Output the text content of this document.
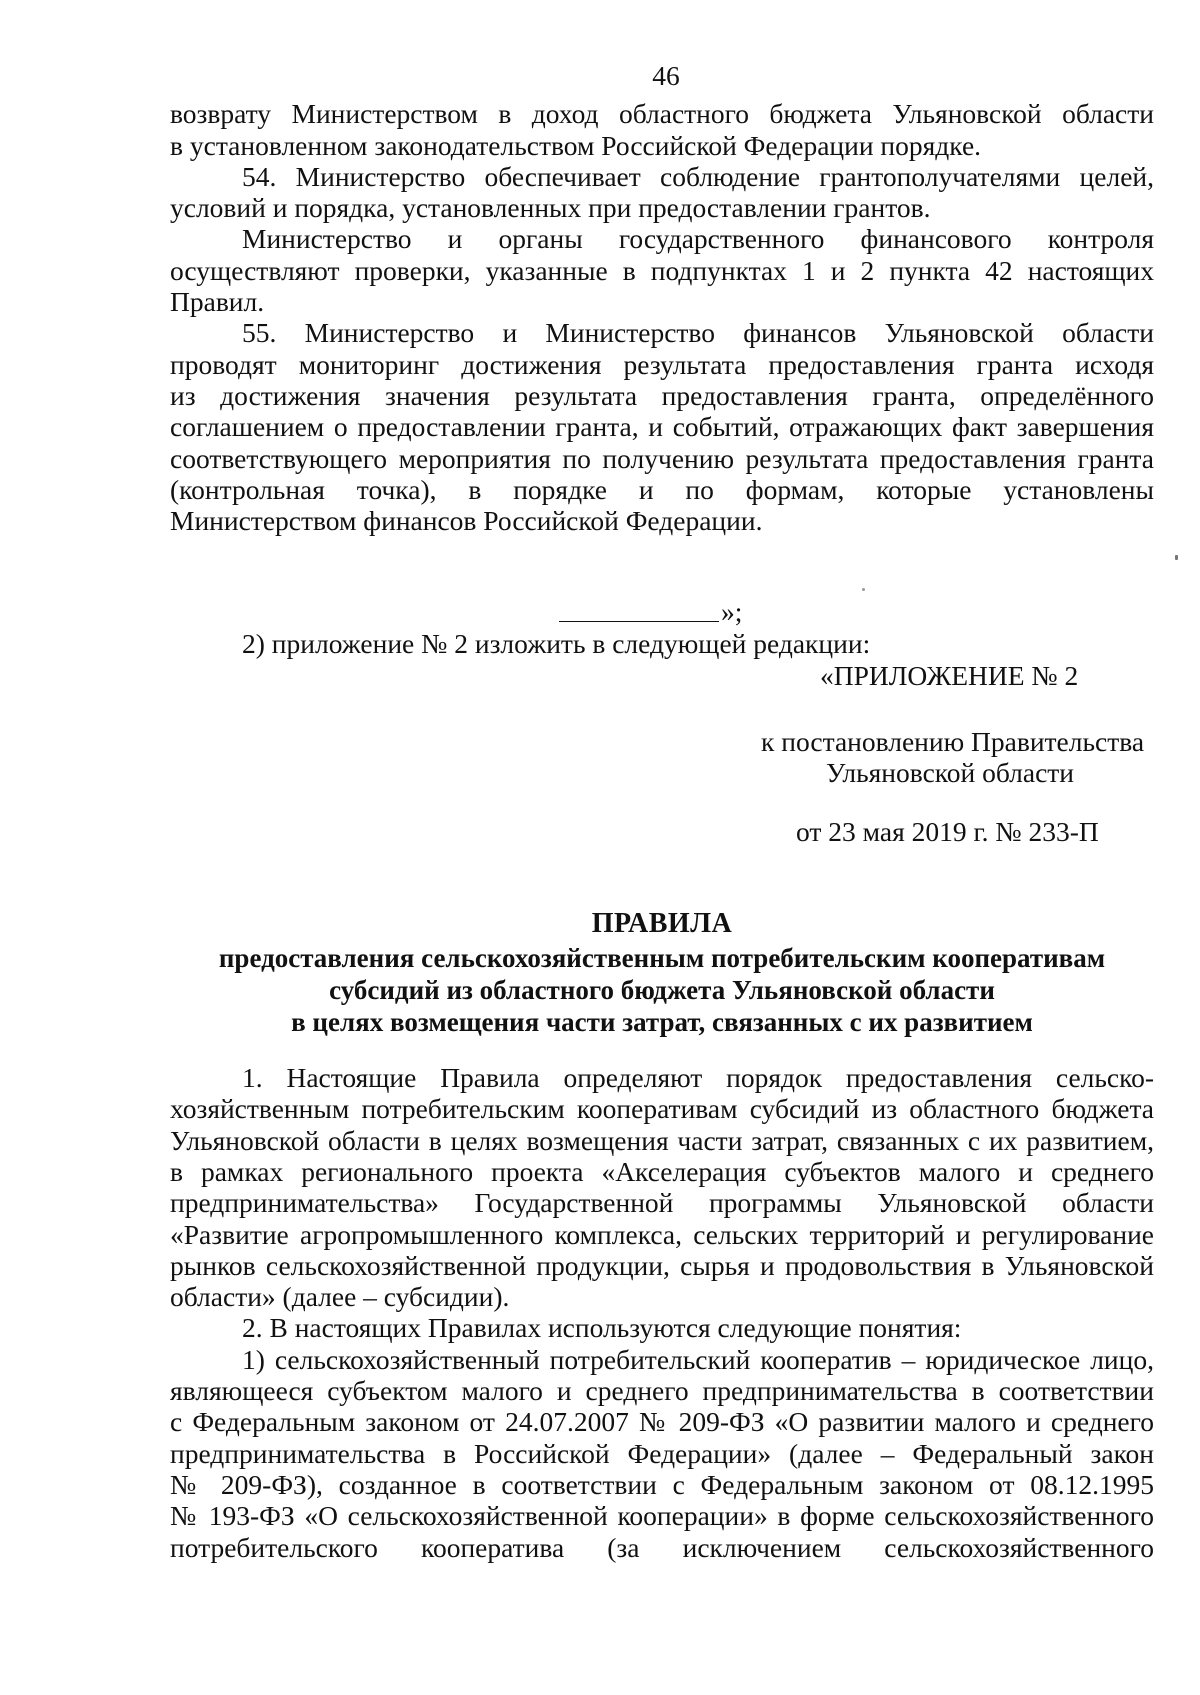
46

возврату Министерством в доход областного бюджета Ульяновской области

в установленном законодательством Российской Федерации порядке.

54. Министерство обеспечивает соблюдение грантополучателями целей,

условий и порядка, установленных при предоставлении грантов.

Министерство и органы государственного финансового контроля

осуществляют проверки, указанные в подпунктах 1 и 2 пункта 42 настоящих

Правил.

55. Министерство и Министерство финансов Ульяновской области

проводят мониторинг достижения результата предоставления гранта исходя

из достижения значения результата предоставления гранта, определённого

соглашением о предоставлении гранта, и событий, отражающих факт завершения

соответствующего мероприятия по получению результата предоставления гранта

(контрольная точка), в порядке и по формам, которые установлены

Министерством финансов Российской Федерации.

»;

2) приложение № 2 изложить в следующей редакции:

«ПРИЛОЖЕНИЕ № 2
к постановлению Правительства
Ульяновской области
от 23 мая 2019 г. № 233-П
ПРАВИЛА
предоставления сельскохозяйственным потребительским кооперативам
субсидий из областного бюджета Ульяновской области
в целях возмещения части затрат, связанных с их развитием

1. Настоящие Правила определяют порядок предоставления сельско-

хозяйственным потребительским кооперативам субсидий из областного бюджета

Ульяновской области в целях возмещения части затрат, связанных с их развитием,

в рамках регионального проекта «Акселерация субъектов малого и среднего

предпринимательства» Государственной программы Ульяновской области

«Развитие агропромышленного комплекса, сельских территорий и регулирование

рынков сельскохозяйственной продукции, сырья и продовольствия в Ульяновской

области» (далее – субсидии).

2. В настоящих Правилах используются следующие понятия:

1) сельскохозяйственный потребительский кооператив – юридическое лицо,

являющееся субъектом малого и среднего предпринимательства в соответствии

с Федеральным законом от 24.07.2007 № 209-ФЗ «О развитии малого и среднего

предпринимательства в Российской Федерации» (далее – Федеральный закон

№ 209-ФЗ), созданное в соответствии с Федеральным законом от 08.12.1995

№ 193-ФЗ «О сельскохозяйственной кооперации» в форме сельскохозяйственного

потребительского кооператива (за исключением сельскохозяйственного
